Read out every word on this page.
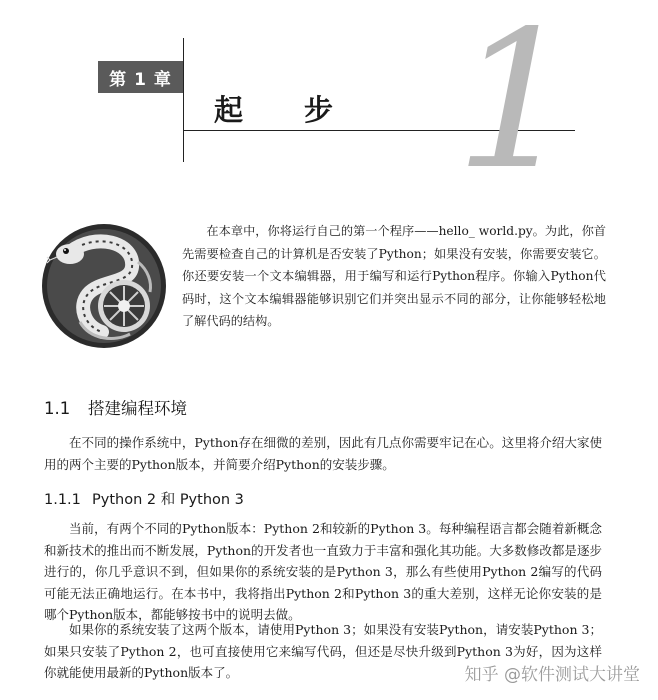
第 1 章
起　　步 1
在本章中，你将运行自己的第一个程序——hello_ world.py。为此，你首先需要检查自己的计算机是否安装了Python；如果没有安装，你需要安装它。你还要安装一个文本编辑器，用于编写和运行Python程序。你输入Python代码时，这个文本编辑器能够识别它们并突出显示不同的部分，让你能够轻松地了解代码的结构。
1.1 搭建编程环境
在不同的操作系统中，Python存在细微的差别，因此有几点你需要牢记在心。这里将介绍大家使用的两个主要的Python版本，并简要介绍Python的安装步骤。
1.1.1 Python 2 和 Python 3
当前，有两个不同的Python版本：Python 2和较新的Python 3。每种编程语言都会随着新概念和新技术的推出而不断发展，Python的开发者也一直致力于丰富和强化其功能。大多数修改都是逐步进行的，你几乎意识不到，但如果你的系统安装的是Python 3，那么有些使用Python 2编写的代码可能无法正确地运行。在本书中，我将指出Python 2和Python 3的重大差别，这样无论你安装的是哪个Python版本，都能够按书中的说明去做。
如果你的系统安装了这两个版本，请使用Python 3；如果没有安装Python，请安装Python 3；如果只安装了Python 2，也可直接使用它来编写代码，但还是尽快升级到Python 3为好，因为这样你就能使用最新的Python版本了。	知乎 @软件测试大讲堂
